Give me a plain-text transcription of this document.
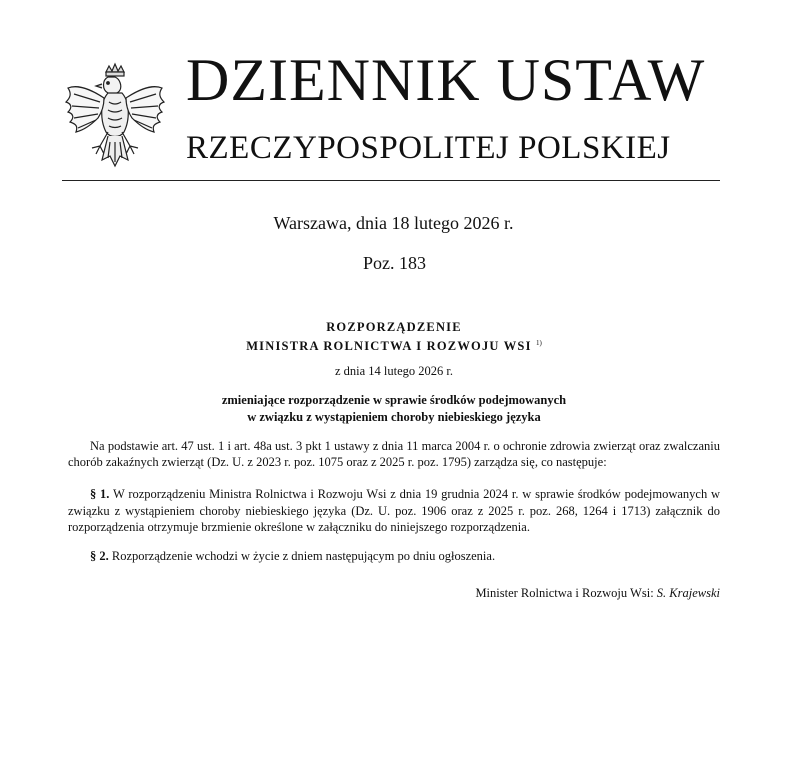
DZIENNIK USTAW
RZECZYPOSPOLITEJ POLSKIEJ
Warszawa, dnia 18 lutego 2026 r.
Poz. 183
ROZPORZĄDZENIE
MINISTRA ROLNICTWA I ROZWOJU WSI $^{1)}$
z dnia 14 lutego 2026 r.
zmieniające rozporządzenie w sprawie środków podejmowanych
w związku z wystąpieniem choroby niebieskiego języka

Na podstawie art. 47 ust. 1 i art. 48a ust. 3 pkt 1 ustawy z dnia 11 marca 2004 r. o ochronie zdrowia zwierząt oraz zwalczaniu chorób zakaźnych zwierząt (Dz. U. z 2023 r. poz. 1075 oraz z 2025 r. poz. 1795) zarządza się, co następuje:

§ 1. W rozporządzeniu Ministra Rolnictwa i Rozwoju Wsi z dnia 19 grudnia 2024 r. w sprawie środków podejmowanych w związku z wystąpieniem choroby niebieskiego języka (Dz. U. poz. 1906 oraz z 2025 r. poz. 268, 1264 i 1713) załącznik do rozporządzenia otrzymuje brzmienie określone w załączniku do niniejszego rozporządzenia.

§ 2. Rozporządzenie wchodzi w życie z dniem następującym po dniu ogłoszenia.

Minister Rolnictwa i Rozwoju Wsi: S. Krajewski
